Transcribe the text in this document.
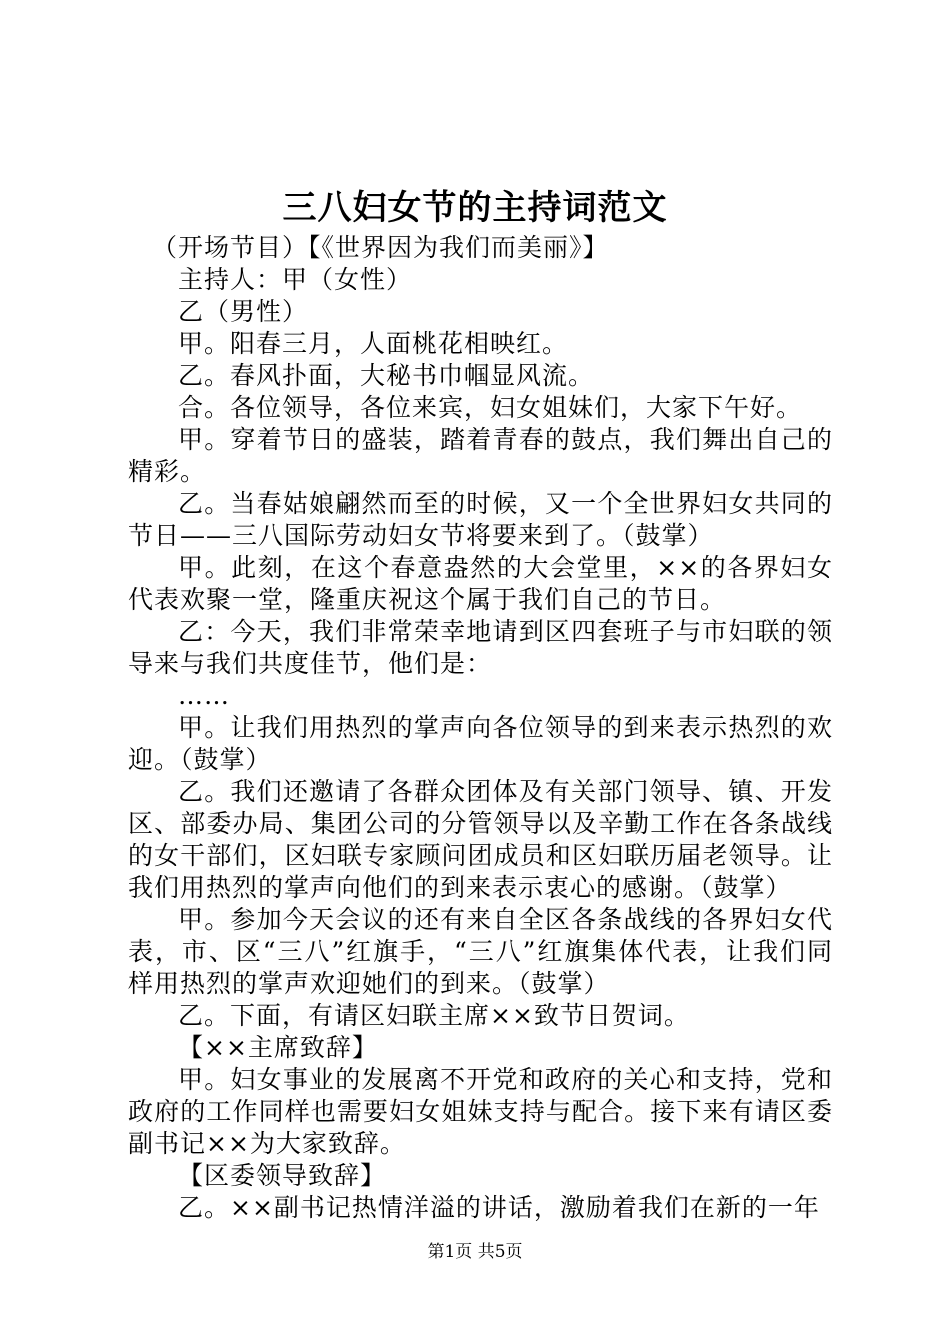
三八妇女节的主持词范文

（开场节目）【《世界因为我们而美丽》】

主持人：甲（女性）

乙（男性）

甲。阳春三月，人面桃花相映红。

乙。春风扑面，大秘书巾帼显风流。

合。各位领导，各位来宾，妇女姐妹们，大家下午好。

甲。穿着节日的盛装，踏着青春的鼓点，我们舞出自己的精彩。

乙。当春姑娘翩然而至的时候，又一个全世界妇女共同的节日——三八国际劳动妇女节将要来到了。（鼓掌）

甲。此刻，在这个春意盎然的大会堂里，××的各界妇女代表欢聚一堂，隆重庆祝这个属于我们自己的节日。

乙：今天，我们非常荣幸地请到区四套班子与市妇联的领导来与我们共度佳节，他们是：

……

甲。让我们用热烈的掌声向各位领导的到来表示热烈的欢迎。（鼓掌）

乙。我们还邀请了各群众团体及有关部门领导、镇、开发区、部委办局、集团公司的分管领导以及辛勤工作在各条战线的女干部们，区妇联专家顾问团成员和区妇联历届老领导。让我们用热烈的掌声向他们的到来表示衷心的感谢。（鼓掌）

甲。参加今天会议的还有来自全区各条战线的各界妇女代表，市、区“三八”红旗手，“三八”红旗集体代表，让我们同样用热烈的掌声欢迎她们的到来。（鼓掌）

乙。下面，有请区妇联主席××致节日贺词。

【××主席致辞】

甲。妇女事业的发展离不开党和政府的关心和支持，党和政府的工作同样也需要妇女姐妹支持与配合。接下来有请区委副书记××为大家致辞。

【区委领导致辞】

乙。××副书记热情洋溢的讲话，激励着我们在新的一年

第1页 共5页
